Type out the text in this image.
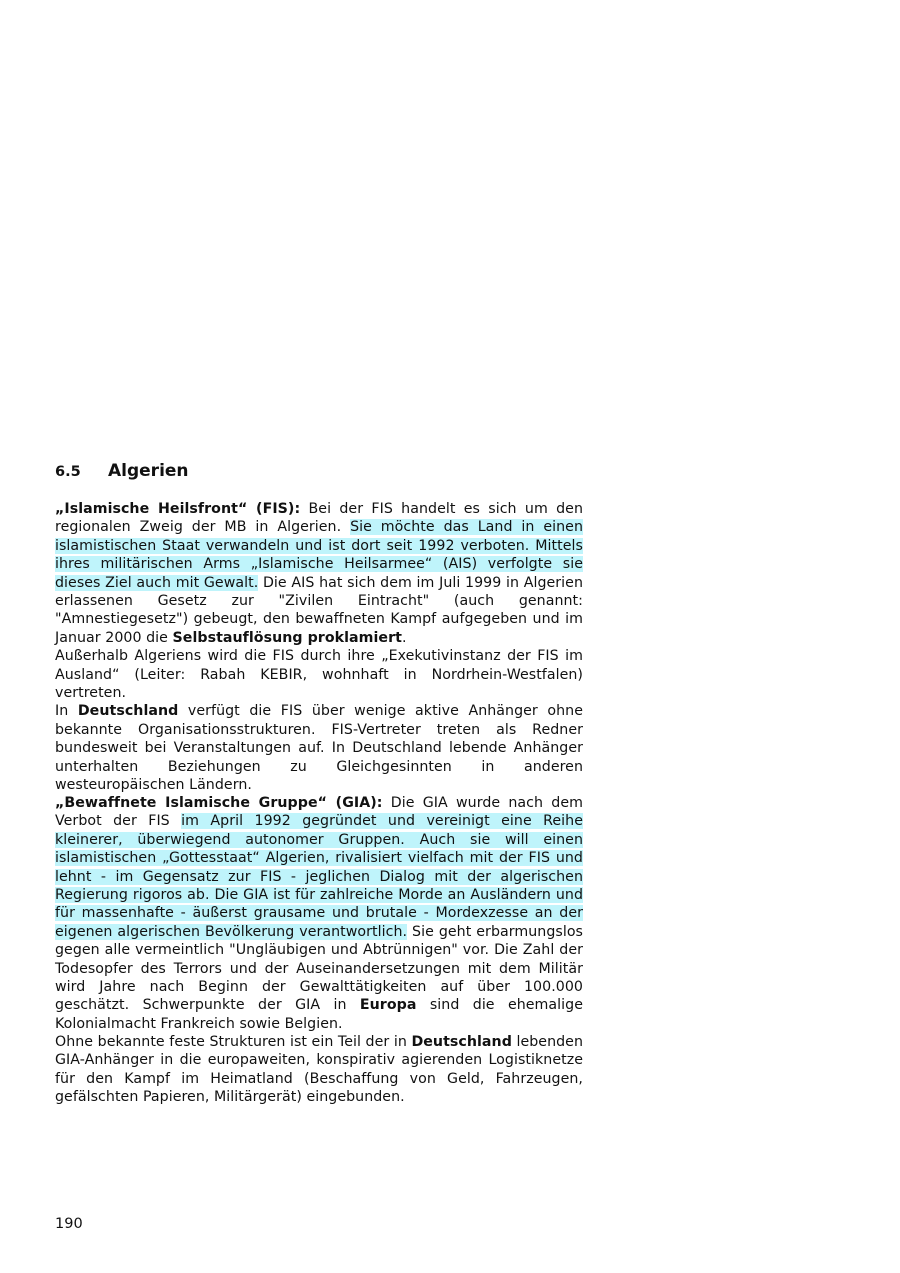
6.5	Algerien

„Islamische Heilsfront“ (FIS): Bei der FIS handelt es sich um den regionalen Zweig der MB in Algerien. Sie möchte das Land in einen islamistischen Staat verwandeln und ist dort seit 1992 verboten. Mittels ihres militärischen Arms „Islamische Heilsarmee“ (AIS) verfolgte sie dieses Ziel auch mit Gewalt. Die AIS hat sich dem im Juli 1999 in Algerien erlassenen Gesetz zur "Zivilen Eintracht" (auch genannt: "Amnestiegesetz") gebeugt, den bewaffneten Kampf aufgegeben und im Januar 2000 die Selbstauflösung proklamiert.

Außerhalb Algeriens wird die FIS durch ihre „Exekutivinstanz der FIS im Ausland“ (Leiter: Rabah KEBIR, wohnhaft in Nordrhein-Westfalen) vertreten.

In Deutschland verfügt die FIS über wenige aktive Anhänger ohne bekannte Organisationsstrukturen. FIS-Vertreter treten als Redner bundesweit bei Veranstaltungen auf. In Deutschland lebende Anhänger unterhalten Beziehungen zu Gleichgesinnten in anderen westeuropäischen Ländern.

„Bewaffnete Islamische Gruppe“ (GIA): Die GIA wurde nach dem Verbot der FIS im April 1992 gegründet und vereinigt eine Reihe kleinerer, überwiegend autonomer Gruppen. Auch sie will einen islamistischen „Gottesstaat“ Algerien, rivalisiert vielfach mit der FIS und lehnt - im Gegensatz zur FIS - jeglichen Dialog mit der algerischen Regierung rigoros ab. Die GIA ist für zahlreiche Morde an Ausländern und für massenhafte - äußerst grausame und brutale - Mordexzesse an der eigenen algerischen Bevölkerung verantwortlich. Sie geht erbarmungslos gegen alle vermeintlich "Ungläubigen und Abtrünnigen" vor. Die Zahl der Todesopfer des Terrors und der Auseinandersetzungen mit dem Militär wird Jahre nach Beginn der Gewalttätigkeiten auf über 100.000 geschätzt. Schwerpunkte der GIA in Europa sind die ehemalige Kolonialmacht Frankreich sowie Belgien.

Ohne bekannte feste Strukturen ist ein Teil der in Deutschland lebenden GIA-Anhänger in die europaweiten, konspirativ agierenden Logistiknetze für den Kampf im Heimatland (Beschaffung von Geld, Fahrzeugen, gefälschten Papieren, Militärgerät) eingebunden.

190
